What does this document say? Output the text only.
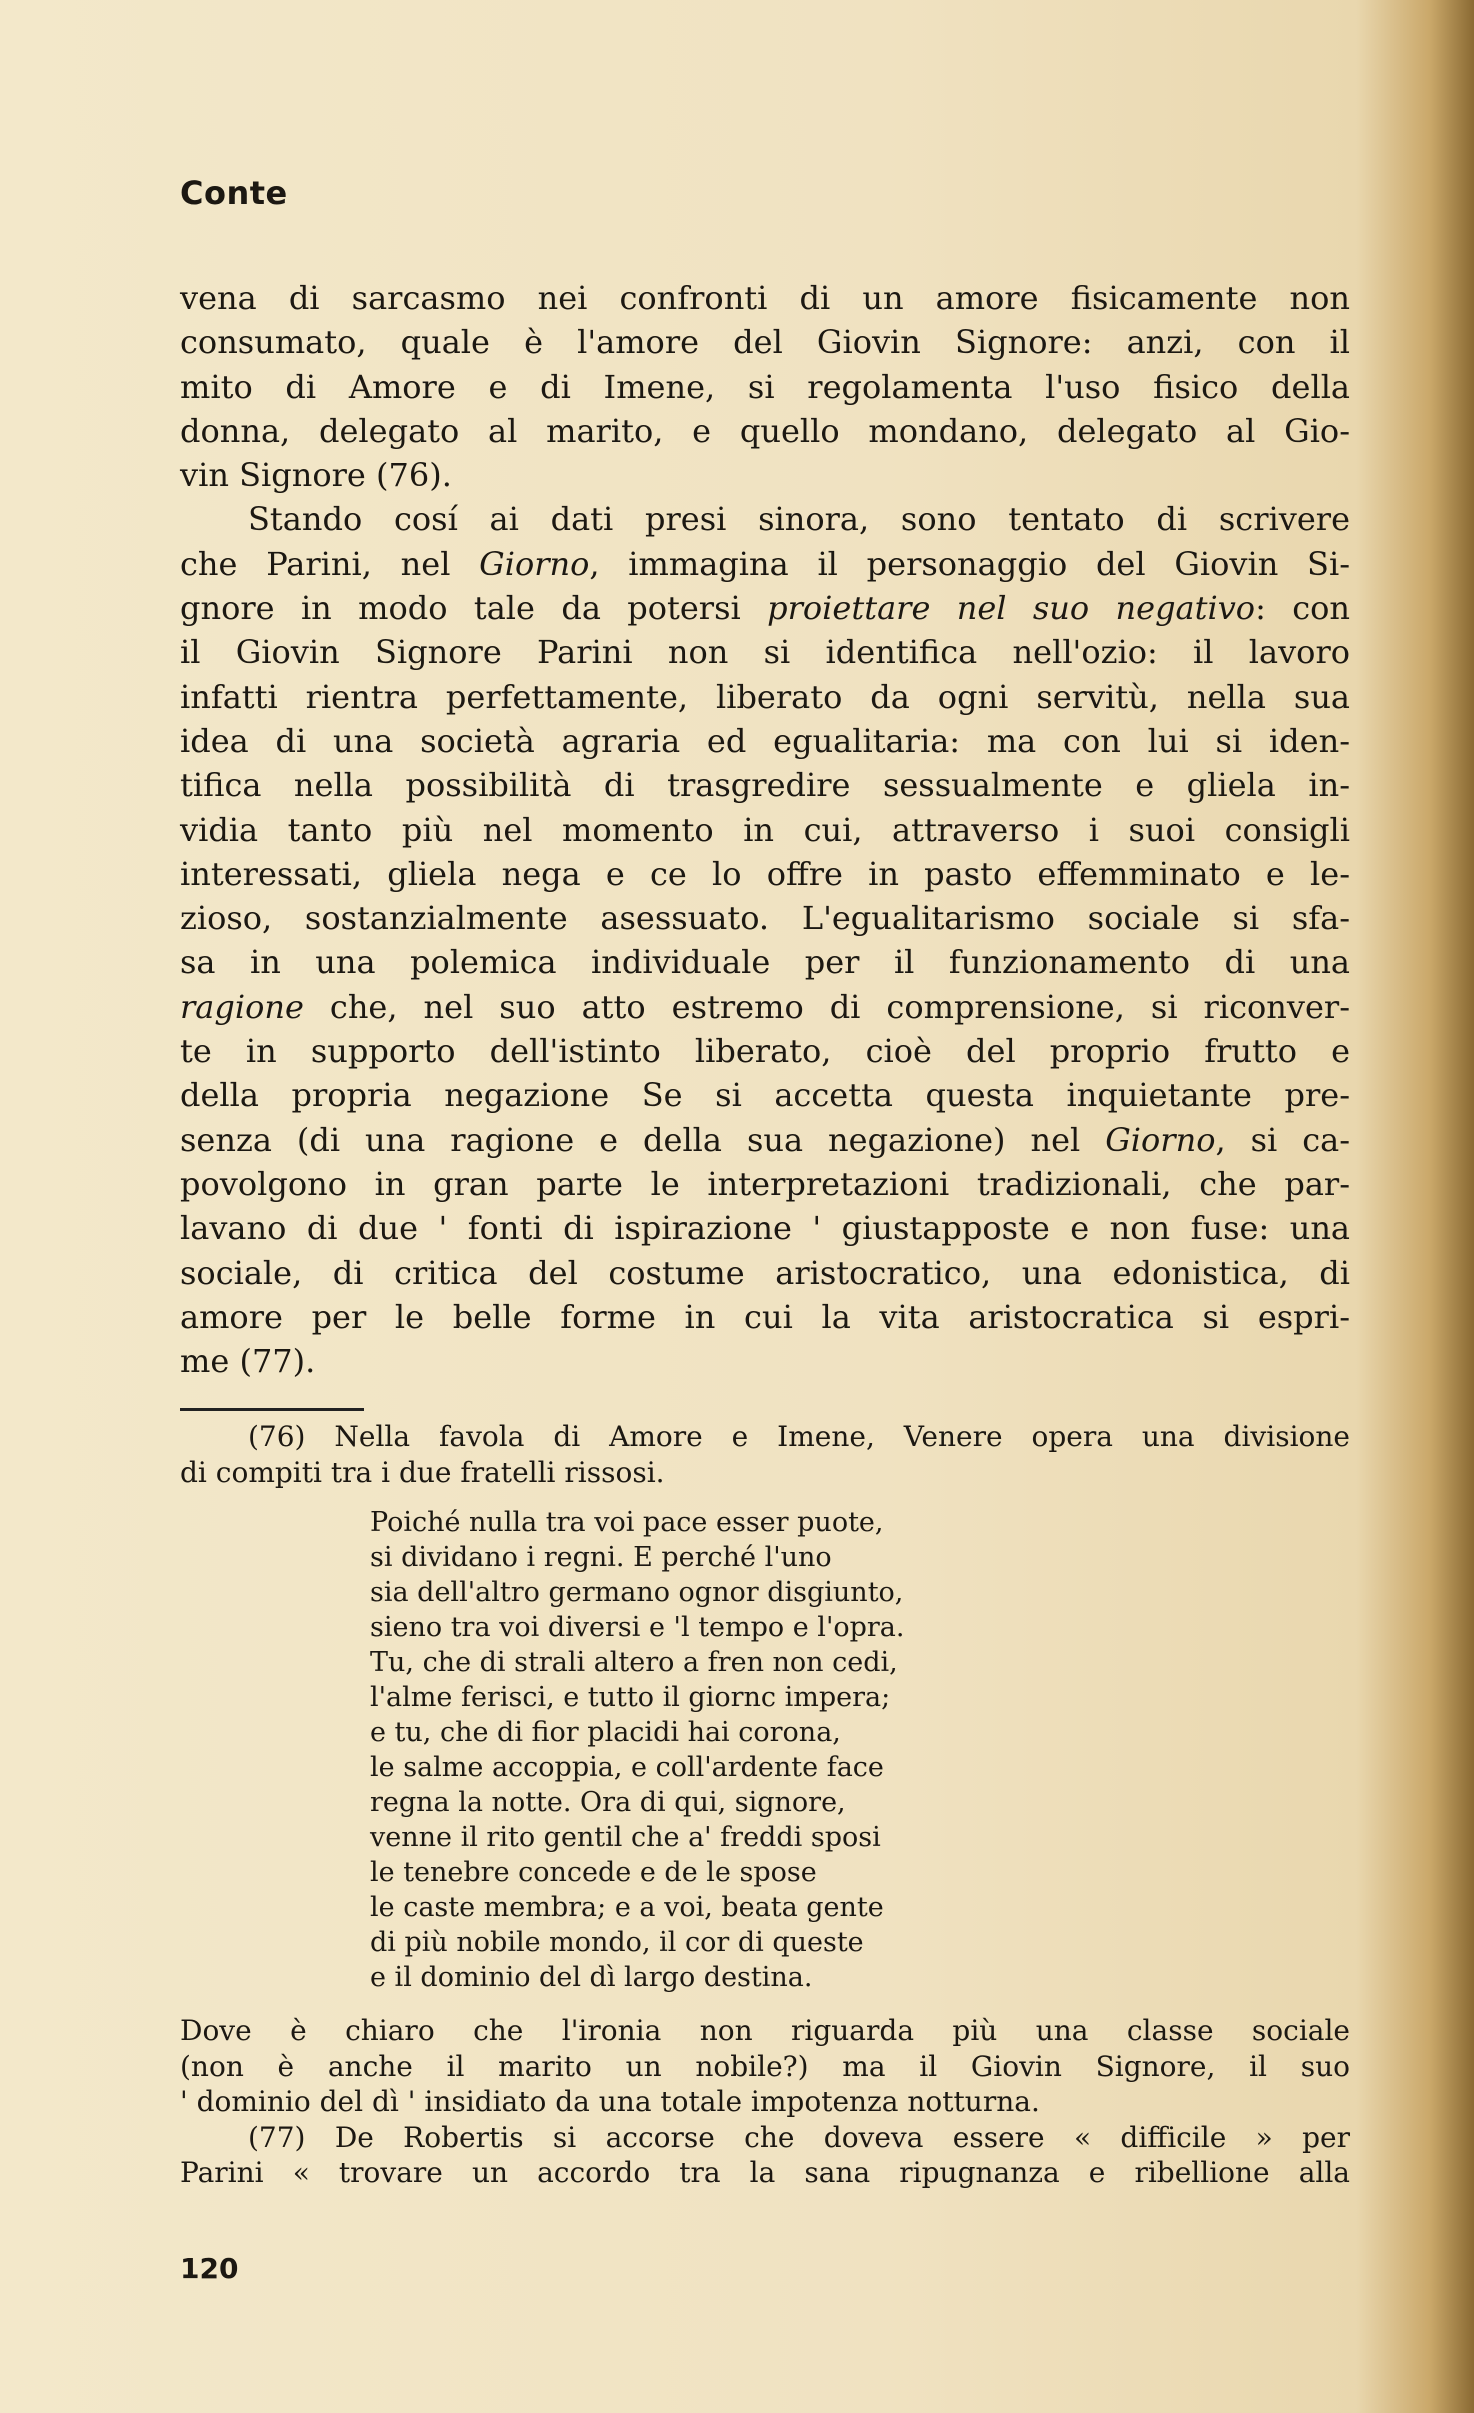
Conte
vena di sarcasmo nei confronti di un amore fisicamente non
consumato, quale è l'amore del Giovin Signore: anzi, con il
mito di Amore e di Imene, si regolamenta l'uso fisico della
donna, delegato al marito, e quello mondano, delegato al Gio-
vin Signore (76).
Stando cosí ai dati presi sinora, sono tentato di scrivere
che Parini, nel Giorno, immagina il personaggio del Giovin Si-
gnore in modo tale da potersi proiettare nel suo negativo: con
il Giovin Signore Parini non si identifica nell'ozio: il lavoro
infatti rientra perfettamente, liberato da ogni servitù, nella sua
idea di una società agraria ed egualitaria: ma con lui si iden-
tifica nella possibilità di trasgredire sessualmente e gliela in-
vidia tanto più nel momento in cui, attraverso i suoi consigli
interessati, gliela nega e ce lo offre in pasto effemminato e le-
zioso, sostanzialmente asessuato. L'egualitarismo sociale si sfa-
sa in una polemica individuale per il funzionamento di una
ragione che, nel suo atto estremo di comprensione, si riconver-
te in supporto dell'istinto liberato, cioè del proprio frutto e
della propria negazione Se si accetta questa inquietante pre-
senza (di una ragione e della sua negazione) nel Giorno, si ca-
povolgono in gran parte le interpretazioni tradizionali, che par-
lavano di due ' fonti di ispirazione ' giustapposte e non fuse: una
sociale, di critica del costume aristocratico, una edonistica, di
amore per le belle forme in cui la vita aristocratica si espri-
me (77).
(76) Nella favola di Amore e Imene, Venere opera una divisione
di compiti tra i due fratelli rissosi.
Poiché nulla tra voi pace esser puote,
si dividano i regni. E perché l'uno
sia dell'altro germano ognor disgiunto,
sieno tra voi diversi e 'l tempo e l'opra.
Tu, che di strali altero a fren non cedi,
l'alme ferisci, e tutto il giornc impera;
e tu, che di fior placidi hai corona,
le salme accoppia, e coll'ardente face
regna la notte. Ora di qui, signore,
venne il rito gentil che a' freddi sposi
le tenebre concede e de le spose
le caste membra; e a voi, beata gente
di più nobile mondo, il cor di queste
e il dominio del dì largo destina.
Dove è chiaro che l'ironia non riguarda più una classe sociale
(non è anche il marito un nobile?) ma il Giovin Signore, il suo
' dominio del dì ' insidiato da una totale impotenza notturna.
(77) De Robertis si accorse che doveva essere « difficile » per
Parini « trovare un accordo tra la sana ripugnanza e ribellione alla
120
